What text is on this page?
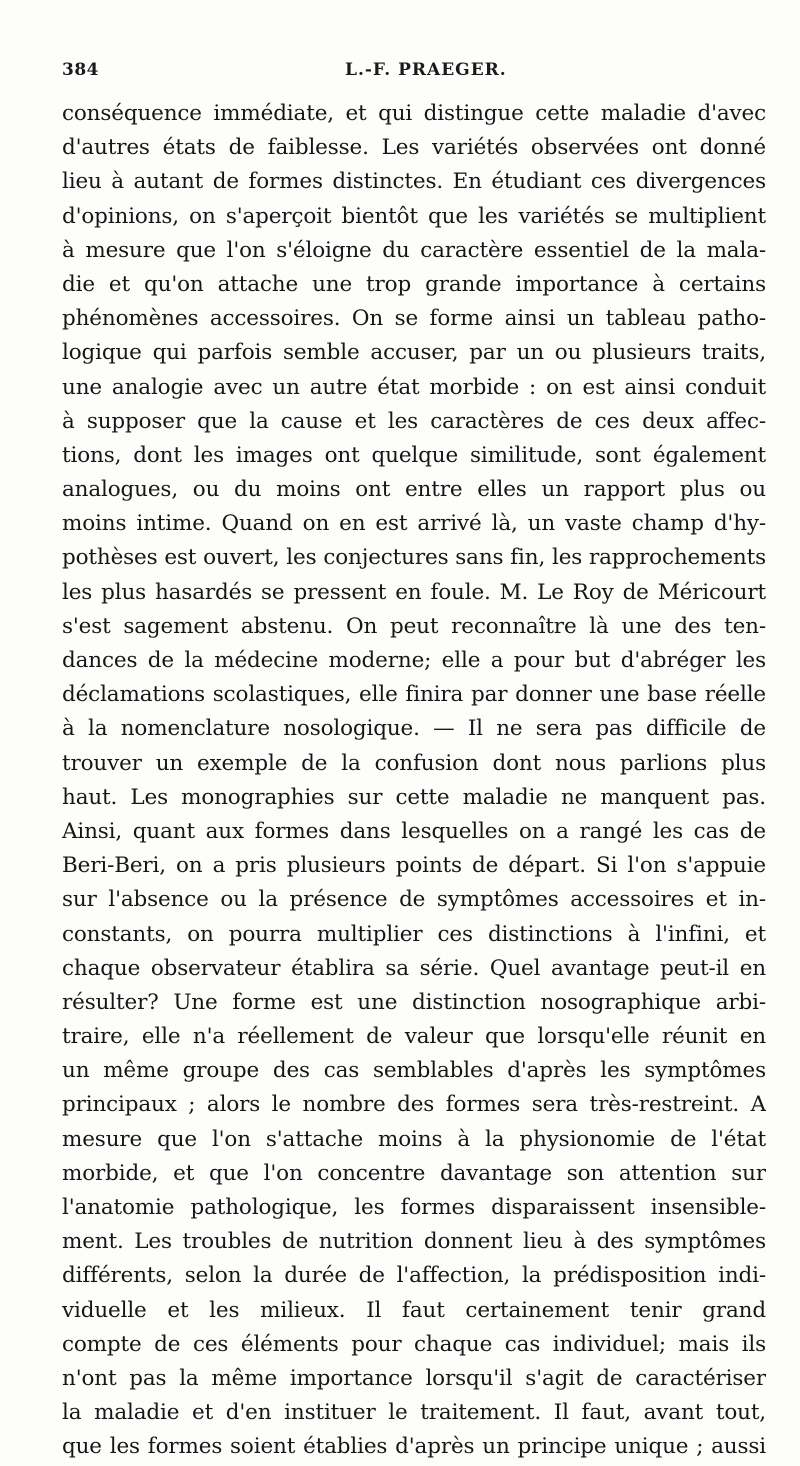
384	L.-F. PRAEGER.
conséquence immédiate, et qui distingue cette maladie d'avec
d'autres états de faiblesse. Les variétés observées ont donné
lieu à autant de formes distinctes. En étudiant ces divergences
d'opinions, on s'aperçoit bientôt que les variétés se multiplient
à mesure que l'on s'éloigne du caractère essentiel de la mala-
die et qu'on attache une trop grande importance à certains
phénomènes accessoires. On se forme ainsi un tableau patho-
logique qui parfois semble accuser, par un ou plusieurs traits,
une analogie avec un autre état morbide : on est ainsi conduit
à supposer que la cause et les caractères de ces deux affec-
tions, dont les images ont quelque similitude, sont également
analogues, ou du moins ont entre elles un rapport plus ou
moins intime. Quand on en est arrivé là, un vaste champ d'hy-
pothèses est ouvert, les conjectures sans fin, les rapprochements
les plus hasardés se pressent en foule. M. Le Roy de Méricourt
s'est sagement abstenu. On peut reconnaître là une des ten-
dances de la médecine moderne; elle a pour but d'abréger les
déclamations scolastiques, elle finira par donner une base réelle
à la nomenclature nosologique. — Il ne sera pas difficile de
trouver un exemple de la confusion dont nous parlions plus
haut. Les monographies sur cette maladie ne manquent pas.
Ainsi, quant aux formes dans lesquelles on a rangé les cas de
Beri-Beri, on a pris plusieurs points de départ. Si l'on s'appuie
sur l'absence ou la présence de symptômes accessoires et in-
constants, on pourra multiplier ces distinctions à l'infini, et
chaque observateur établira sa série. Quel avantage peut-il en
résulter? Une forme est une distinction nosographique arbi-
traire, elle n'a réellement de valeur que lorsqu'elle réunit en
un même groupe des cas semblables d'après les symptômes
principaux ; alors le nombre des formes sera très-restreint. A
mesure que l'on s'attache moins à la physionomie de l'état
morbide, et que l'on concentre davantage son attention sur
l'anatomie pathologique, les formes disparaissent insensible-
ment. Les troubles de nutrition donnent lieu à des symptômes
différents, selon la durée de l'affection, la prédisposition indi-
viduelle et les milieux. Il faut certainement tenir grand
compte de ces éléments pour chaque cas individuel; mais ils
n'ont pas la même importance lorsqu'il s'agit de caractériser
la maladie et d'en instituer le traitement. Il faut, avant tout,
que les formes soient établies d'après un principe unique ; aussi
